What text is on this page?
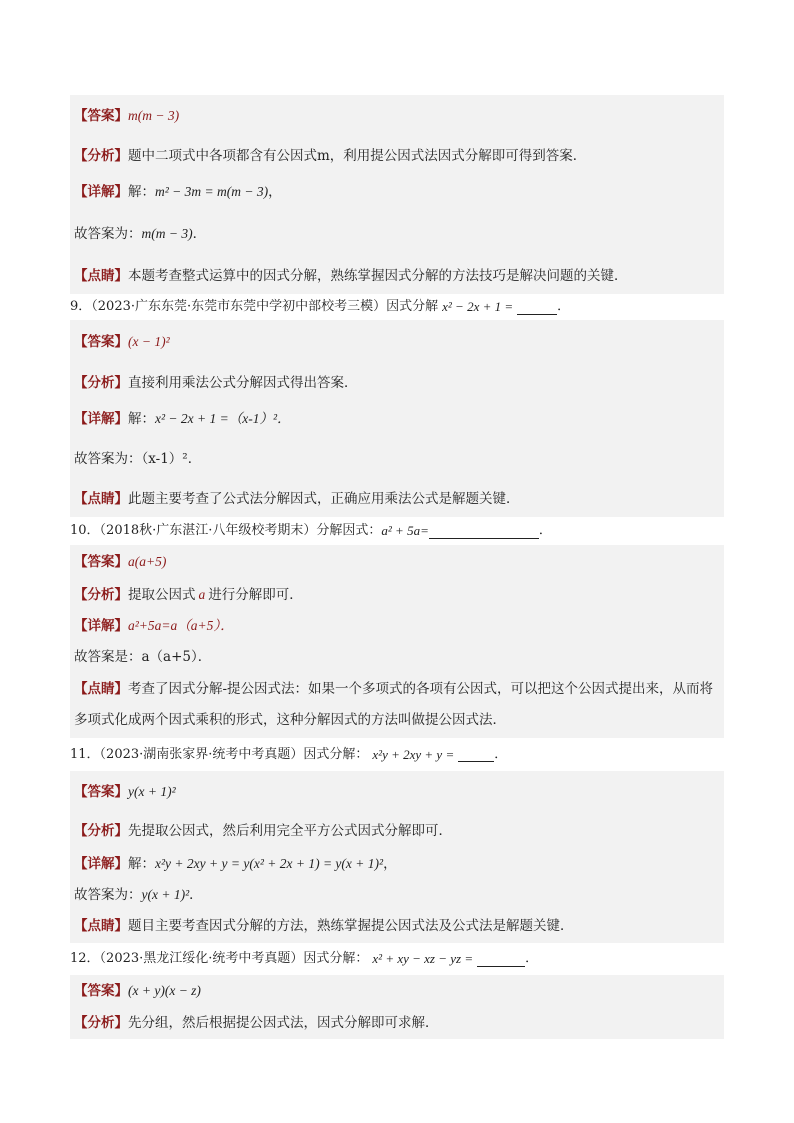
【答案】 m(m − 3)
【分析】 题中二项式中各项都含有公因式m，利用提公因式法因式分解即可得到答案．
【详解】 解： m² − 3m = m(m − 3) ，
故答案为： m(m − 3) ．
【点睛】 本题考查整式运算中的因式分解，熟练掌握因式分解的方法技巧是解决问题的关键．
9．（2023·广东东莞·东莞市东莞中学初中部校考三模）因式分解 x² − 2x + 1 =	．
【答案】 (x − 1)²
【分析】 直接利用乘法公式分解因式得出答案．
【详解】 解： x² − 2x + 1 =（x-1）²．
故答案为：（x-1）²．
【点睛】 此题主要考查了公式法分解因式，正确应用乘法公式是解题关键．
10．（2018秋·广东湛江·八年级校考期末）分解因式： a² + 5a=	．
【答案】 a(a+5)
【分析】 提取公因式 a 进行分解即可．
【详解】 a²+5a=a（a+5）．
故答案是：a（a+5）．
【点睛】考查了因式分解-提公因式法：如果一个多项式的各项有公因式，可以把这个公因式提出来，从而将多项式化成两个因式乘积的形式，这种分解因式的方法叫做提公因式法．
11．（2023·湖南张家界·统考中考真题）因式分解： x²y + 2xy + y =	．
【答案】 y(x + 1)²
【分析】 先提取公因式，然后利用完全平方公式因式分解即可．
【详解】 解： x²y + 2xy + y = y(x² + 2x + 1) = y(x + 1)² ，
故答案为： y(x + 1)² ．
【点睛】 题目主要考查因式分解的方法，熟练掌握提公因式法及公式法是解题关键．
12．（2023·黑龙江绥化·统考中考真题）因式分解： x² + xy − xz − yz =	．
【答案】 (x + y)(x − z)
【分析】 先分组，然后根据提公因式法，因式分解即可求解．
